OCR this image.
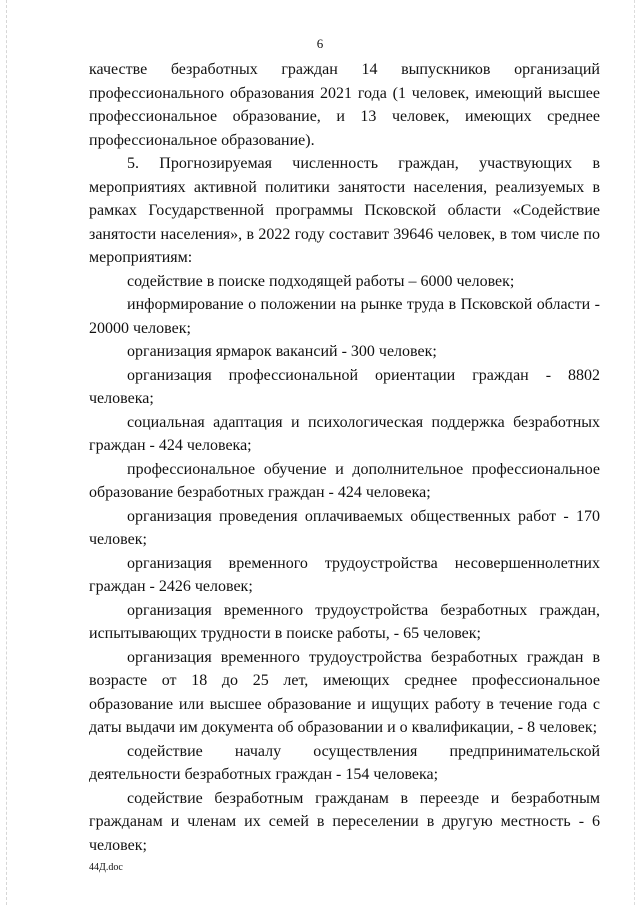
6

качестве безработных граждан 14 выпускников организаций профессионального образования 2021 года (1 человек, имеющий высшее профессиональное образование, и 13 человек, имеющих среднее профессиональное образование).

5. Прогнозируемая численность граждан, участвующих в мероприятиях активной политики занятости населения, реализуемых в рамках Государственной программы Псковской области «Содействие занятости населения», в 2022 году составит 39646 человек, в том числе по мероприятиям:

содействие в поиске подходящей работы – 6000 человек;

информирование о положении на рынке труда в Псковской области - 20000 человек;

организация ярмарок вакансий - 300 человек;

организация профессиональной ориентации граждан - 8802 человека;

социальная адаптация и психологическая поддержка безработных граждан - 424 человека;

профессиональное обучение и дополнительное профессиональное образование безработных граждан - 424 человека;

организация проведения оплачиваемых общественных работ - 170 человек;

организация временного трудоустройства несовершеннолетних граждан - 2426 человек;

организация временного трудоустройства безработных граждан, испытывающих трудности в поиске работы, - 65 человек;

организация временного трудоустройства безработных граждан в возрасте от 18 до 25 лет, имеющих среднее профессиональное образование или высшее образование и ищущих работу в течение года с даты выдачи им документа об образовании и о квалификации, - 8 человек;

содействие началу осуществления предпринимательской деятельности безработных граждан - 154 человека;

содействие безработным гражданам в переезде и безработным гражданам и членам их семей в переселении в другую местность - 6 человек;

44Д.doc
